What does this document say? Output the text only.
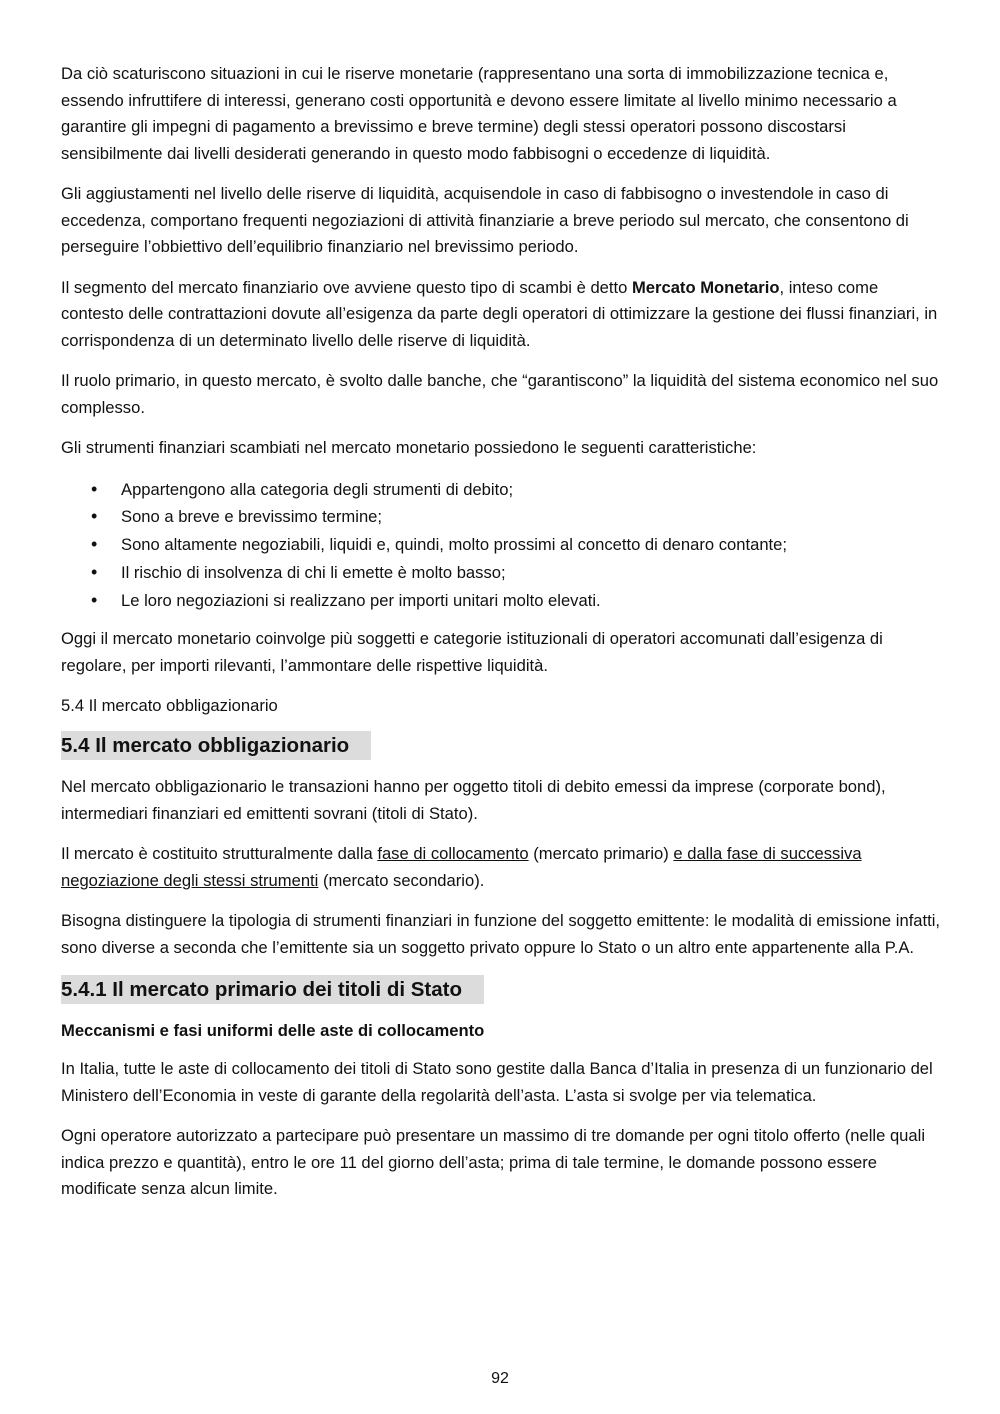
Da ciò scaturiscono situazioni in cui le riserve monetarie (rappresentano una sorta di immobilizzazione tecnica e, essendo infruttifere di interessi, generano costi opportunità e devono essere limitate al livello minimo necessario a garantire gli impegni di pagamento a brevissimo e breve termine) degli stessi operatori possono discostarsi sensibilmente dai livelli desiderati generando in questo modo fabbisogni o eccedenze di liquidità.

Gli aggiustamenti nel livello delle riserve di liquidità, acquisendole in caso di fabbisogno o investendole in caso di eccedenza, comportano frequenti negoziazioni di attività finanziarie a breve periodo sul mercato, che consentono di perseguire l’obbiettivo dell’equilibrio finanziario nel brevissimo periodo.

Il segmento del mercato finanziario ove avviene questo tipo di scambi è detto Mercato Monetario, inteso come contesto delle contrattazioni dovute all’esigenza da parte degli operatori di ottimizzare la gestione dei flussi finanziari, in corrispondenza di un determinato livello delle riserve di liquidità.

Il ruolo primario, in questo mercato, è svolto dalle banche, che “garantiscono” la liquidità del sistema economico nel suo complesso.

Gli strumenti finanziari scambiati nel mercato monetario possiedono le seguenti caratteristiche:

• Appartengono alla categoria degli strumenti di debito;
• Sono a breve e brevissimo termine;
• Sono altamente negoziabili, liquidi e, quindi, molto prossimi al concetto di denaro contante;
• Il rischio di insolvenza di chi li emette è molto basso;
• Le loro negoziazioni si realizzano per importi unitari molto elevati.

Oggi il mercato monetario coinvolge più soggetti e categorie istituzionali di operatori accomunati dall’esigenza di regolare, per importi rilevanti, l’ammontare delle rispettive liquidità.

5.4 Il mercato obbligazionario
5.4 Il mercato obbligazionario

Nel mercato obbligazionario le transazioni hanno per oggetto titoli di debito emessi da imprese (corporate bond), intermediari finanziari ed emittenti sovrani (titoli di Stato).

Il mercato è costituito strutturalmente dalla fase di collocamento (mercato primario) e dalla fase di successiva negoziazione degli stessi strumenti (mercato secondario).

Bisogna distinguere la tipologia di strumenti finanziari in funzione del soggetto emittente: le modalità di emissione infatti, sono diverse a seconda che l’emittente sia un soggetto privato oppure lo Stato o un altro ente appartenente alla P.A.

5.4.1 Il mercato primario dei titoli di Stato
Meccanismi e fasi uniformi delle aste di collocamento

In Italia, tutte le aste di collocamento dei titoli di Stato sono gestite dalla Banca d’Italia in presenza di un funzionario del Ministero dell’Economia in veste di garante della regolarità dell’asta. L’asta si svolge per via telematica.

Ogni operatore autorizzato a partecipare può presentare un massimo di tre domande per ogni titolo offerto (nelle quali indica prezzo e quantità), entro le ore 11 del giorno dell’asta; prima di tale termine, le domande possono essere modificate senza alcun limite.

92
